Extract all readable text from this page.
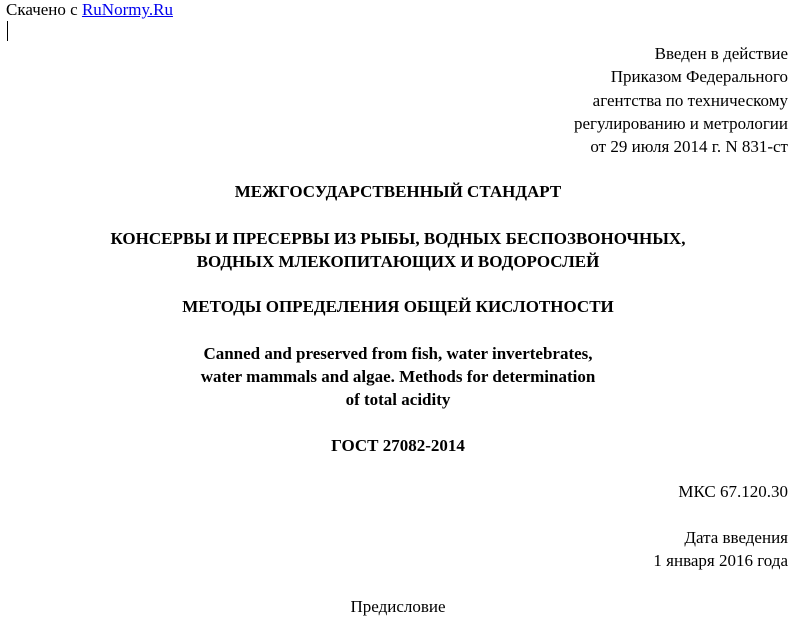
Скачено с RuNormy.Ru
Введен в действие
Приказом Федерального
агентства по техническому
регулированию и метрологии
от 29 июля 2014 г. N 831-ст
МЕЖГОСУДАРСТВЕННЫЙ СТАНДАРТ
КОНСЕРВЫ И ПРЕСЕРВЫ ИЗ РЫБЫ, ВОДНЫХ БЕСПОЗВОНОЧНЫХ,
ВОДНЫХ МЛЕКОПИТАЮЩИХ И ВОДОРОСЛЕЙ
МЕТОДЫ ОПРЕДЕЛЕНИЯ ОБЩЕЙ КИСЛОТНОСТИ
Canned and preserved from fish, water invertebrates,
water mammals and algae. Methods for determination
of total acidity
ГОСТ 27082-2014
МКС 67.120.30
Дата введения
1 января 2016 года
Предисловие
